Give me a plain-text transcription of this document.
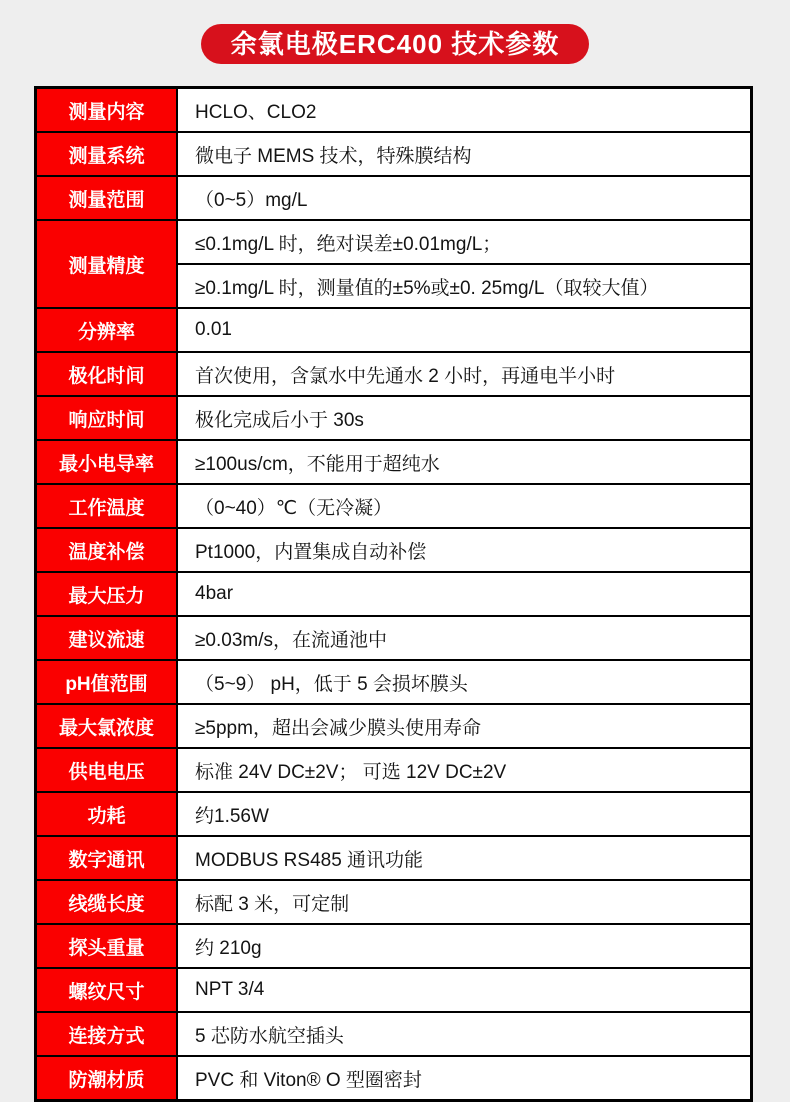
余氯电极ERC400 技术参数
测量内容	HCLO、CLO2
测量系统	微电子 MEMS 技术，特殊膜结构
测量范围	（0~5）mg/L
测量精度	≤0.1mg/L 时，绝对误差±0.01mg/L；
	≥0.1mg/L 时，测量值的±5%或±0. 25mg/L（取较大值）
分辨率	0.01
极化时间	首次使用，含氯水中先通水 2 小时，再通电半小时
响应时间	极化完成后小于 30s
最小电导率	≥100us/cm，不能用于超纯水
工作温度	（0~40）℃（无冷凝）
温度补偿	Pt1000，内置集成自动补偿
最大压力	4bar
建议流速	≥0.03m/s，在流通池中
pH值范围	（5~9） pH，低于 5 会损坏膜头
最大氯浓度	≥5ppm，超出会减少膜头使用寿命
供电电压	标准 24V DC±2V； 可选 12V DC±2V
功耗	约1.56W
数字通讯	MODBUS RS485 通讯功能
线缆长度	标配 3 米，可定制
探头重量	约 210g
螺纹尺寸	NPT 3/4
连接方式	5 芯防水航空插头
防潮材质	PVC 和 Viton® O 型圈密封
